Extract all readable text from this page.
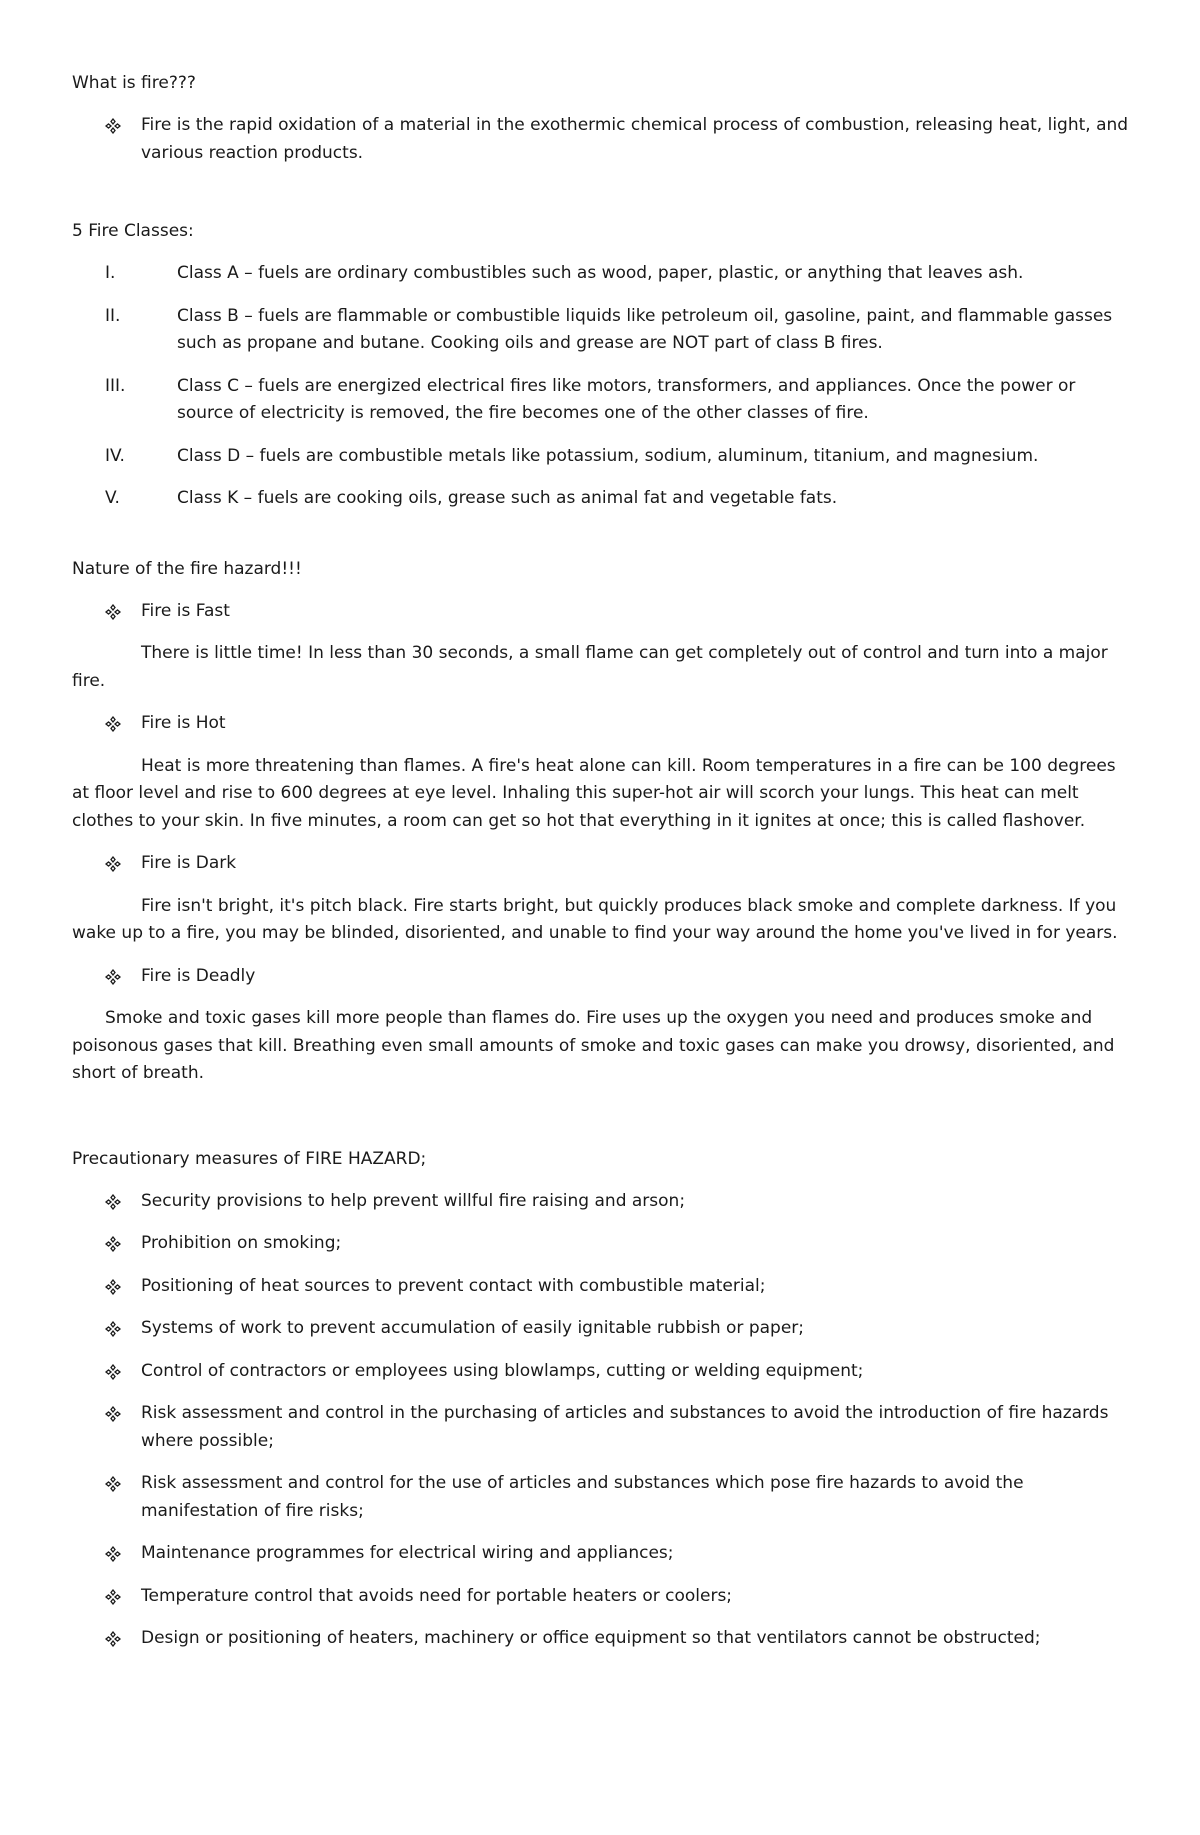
What is fire???

Fire is the rapid oxidation of a material in the exothermic chemical process of combustion, releasing heat, light, and various reaction products.

5 Fire Classes:

I.	Class A – fuels are ordinary combustibles such as wood, paper, plastic, or anything that leaves ash.
II.	Class B – fuels are flammable or combustible liquids like petroleum oil, gasoline, paint, and flammable gasses such as propane and butane. Cooking oils and grease are NOT part of class B fires.
III.	Class C – fuels are energized electrical fires like motors, transformers, and appliances. Once the power or source of electricity is removed, the fire becomes one of the other classes of fire.
IV.	Class D – fuels are combustible metals like potassium, sodium, aluminum, titanium, and magnesium.
V.	Class K – fuels are cooking oils, grease such as animal fat and vegetable fats.

Nature of the fire hazard!!!

Fire is Fast

There is little time! In less than 30 seconds, a small flame can get completely out of control and turn into a major fire.

Fire is Hot

Heat is more threatening than flames. A fire's heat alone can kill. Room temperatures in a fire can be 100 degrees at floor level and rise to 600 degrees at eye level. Inhaling this super-hot air will scorch your lungs. This heat can melt clothes to your skin. In five minutes, a room can get so hot that everything in it ignites at once; this is called flashover.

Fire is Dark

Fire isn't bright, it's pitch black. Fire starts bright, but quickly produces black smoke and complete darkness. If you wake up to a fire, you may be blinded, disoriented, and unable to find your way around the home you've lived in for years.

Fire is Deadly

Smoke and toxic gases kill more people than flames do. Fire uses up the oxygen you need and produces smoke and poisonous gases that kill. Breathing even small amounts of smoke and toxic gases can make you drowsy, disoriented, and short of breath.

Precautionary measures of FIRE HAZARD;

Security provisions to help prevent willful fire raising and arson;
Prohibition on smoking;
Positioning of heat sources to prevent contact with combustible material;
Systems of work to prevent accumulation of easily ignitable rubbish or paper;
Control of contractors or employees using blowlamps, cutting or welding equipment;
Risk assessment and control in the purchasing of articles and substances to avoid the introduction of fire hazards where possible;
Risk assessment and control for the use of articles and substances which pose fire hazards to avoid the manifestation of fire risks;
Maintenance programmes for electrical wiring and appliances;
Temperature control that avoids need for portable heaters or coolers;
Design or positioning of heaters, machinery or office equipment so that ventilators cannot be obstructed;
